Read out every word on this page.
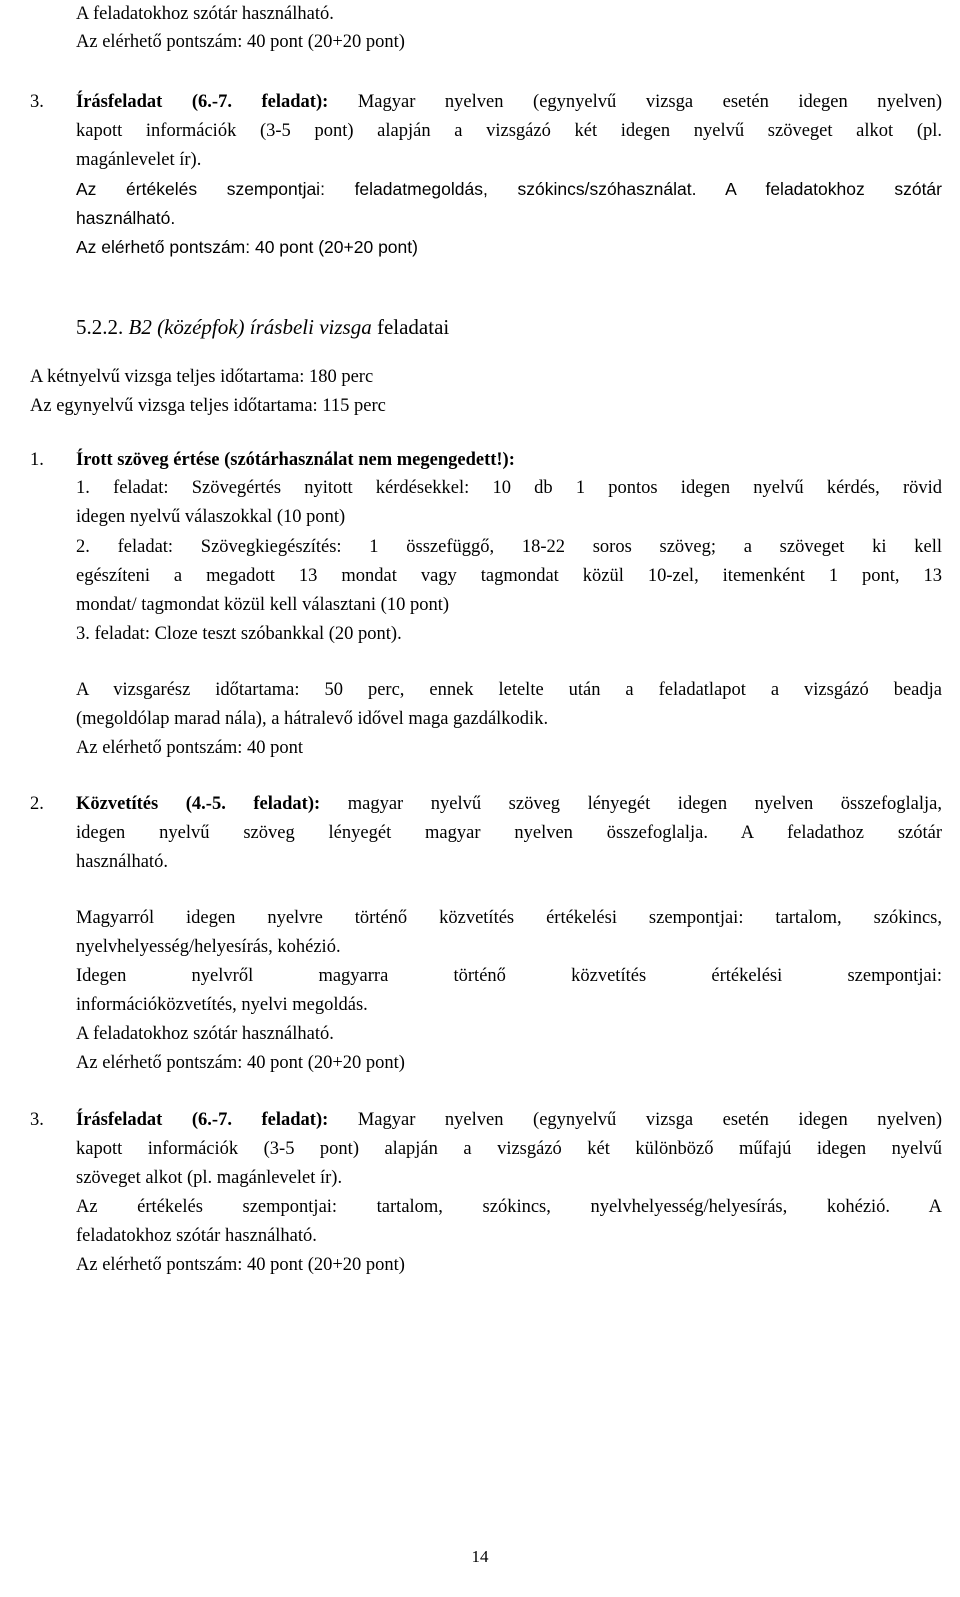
A feladatokhoz szótár használható.
Az elérhető pontszám: 40 pont (20+20 pont)
3. Írásfeladat (6.-7. feladat): Magyar nyelven (egynyelvű vizsga esetén idegen nyelven)
kapott információk (3-5 pont) alapján a vizsgázó két idegen nyelvű szöveget alkot (pl.
magánlevelet ír).
Az értékelés szempontjai: feladatmegoldás, szókincs/szóhasználat. A feladatokhoz szótár
használható.
Az elérhető pontszám: 40 pont (20+20 pont)
5.2.2. B2 (középfok) írásbeli vizsga feladatai
A kétnyelvű vizsga teljes időtartama: 180 perc
Az egynyelvű vizsga teljes időtartama: 115 perc
1. Írott szöveg értése (szótárhasználat nem megengedett!):
1. feladat: Szövegértés nyitott kérdésekkel: 10 db 1 pontos idegen nyelvű kérdés, rövid
idegen nyelvű válaszokkal (10 pont)
2. feladat: Szövegkiegészítés: 1 összefüggő, 18-22 soros szöveg; a szöveget ki kell
egészíteni a megadott 13 mondat vagy tagmondat közül 10-zel, itemenként 1 pont, 13
mondat/ tagmondat közül kell választani (10 pont)
3. feladat: Cloze teszt szóbankkal (20 pont).
A vizsgarész időtartama: 50 perc, ennek letelte után a feladatlapot a vizsgázó beadja
(megoldólap marad nála), a hátralevő idővel maga gazdálkodik.
Az elérhető pontszám: 40 pont
2. Közvetítés (4.-5. feladat): magyar nyelvű szöveg lényegét idegen nyelven összefoglalja,
idegen nyelvű szöveg lényegét magyar nyelven összefoglalja. A feladathoz szótár
használható.
Magyarról idegen nyelvre történő közvetítés értékelési szempontjai: tartalom, szókincs,
nyelvhelyesség/helyesírás, kohézió.
Idegen nyelvről magyarra történő közvetítés értékelési szempontjai:
információközvetítés, nyelvi megoldás.
A feladatokhoz szótár használható.
Az elérhető pontszám: 40 pont (20+20 pont)
3. Írásfeladat (6.-7. feladat): Magyar nyelven (egynyelvű vizsga esetén idegen nyelven)
kapott információk (3-5 pont) alapján a vizsgázó két különböző műfajú idegen nyelvű
szöveget alkot (pl. magánlevelet ír).
Az értékelés szempontjai: tartalom, szókincs, nyelvhelyesség/helyesírás, kohézió. A
feladatokhoz szótár használható.
Az elérhető pontszám: 40 pont (20+20 pont)
14
